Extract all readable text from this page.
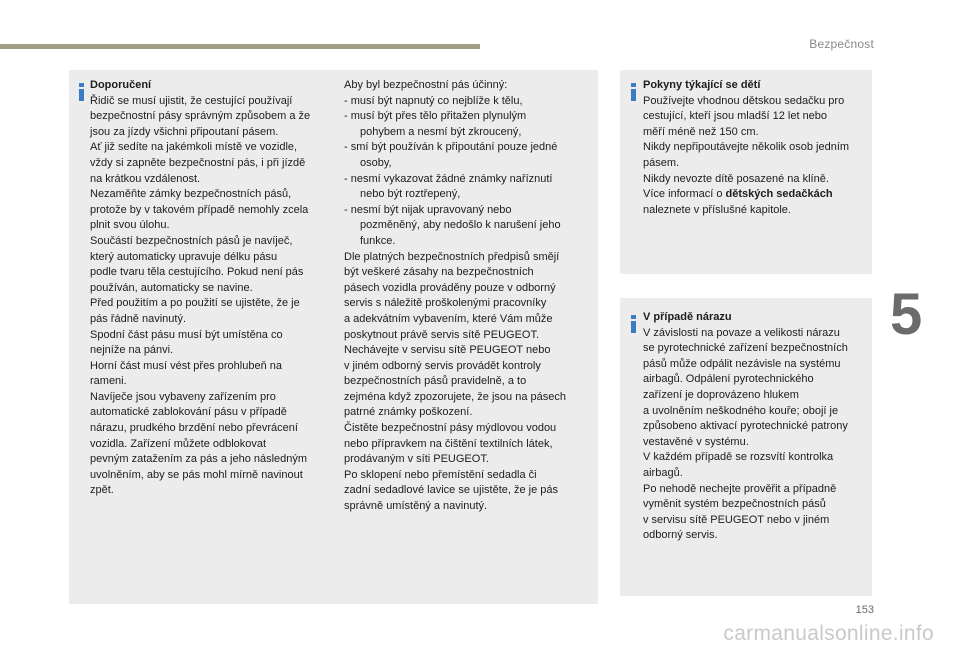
Bezpečnost
5
Doporučení
Řidič se musí ujistit, že cestující používají
bezpečnostní pásy správným způsobem a že
jsou za jízdy všichni připoutaní pásem.
Ať již sedíte na jakémkoli místě ve vozidle,
vždy si zapněte bezpečnostní pás, i při jízdě
na krátkou vzdálenost.
Nezaměňte zámky bezpečnostních pásů,
protože by v takovém případě nemohly zcela
plnit svou úlohu.
Součástí bezpečnostních pásů je navíječ,
který automaticky upravuje délku pásu
podle tvaru těla cestujícího. Pokud není pás
používán, automaticky se navine.
Před použitím a po použití se ujistěte, že je
pás řádně navinutý.
Spodní část pásu musí být umístěna co
nejníže na pánvi.
Horní část musí vést přes prohlubeň na
rameni.
Navíječe jsou vybaveny zařízením pro
automatické zablokování pásu v případě
nárazu, prudkého brzdění nebo převrácení
vozidla. Zařízení můžete odblokovat
pevným zatažením za pás a jeho následným
uvolněním, aby se pás mohl mírně navinout
zpět.
Aby byl bezpečnostní pás účinný:
- musí být napnutý co nejblíže k tělu,
- musí být přes tělo přitažen plynulým
pohybem a nesmí být zkroucený,
- smí být používán k připoutání pouze jedné
osoby,
- nesmí vykazovat žádné známky naříznutí
nebo být roztřepený,
- nesmí být nijak upravovaný nebo
pozměněný, aby nedošlo k narušení jeho
funkce.
Dle platných bezpečnostních předpisů smějí
být veškeré zásahy na bezpečnostních
pásech vozidla prováděny pouze v odborný
servis s náležitě proškolenými pracovníky
a adekvátním vybavením, které Vám může
poskytnout právě servis sítě PEUGEOT.
Nechávejte v servisu sítě PEUGEOT nebo
v jiném odborný servis provádět kontroly
bezpečnostních pásů pravidelně, a to
zejména když zpozorujete, že jsou na pásech
patrné známky poškození.
Čistěte bezpečnostní pásy mýdlovou vodou
nebo přípravkem na čištění textilních látek,
prodávaným v síti PEUGEOT.
Po sklopení nebo přemístění sedadla či
zadní sedadlové lavice se ujistěte, že je pás
správně umístěný a navinutý.
Pokyny týkající se dětí
Používejte vhodnou dětskou sedačku pro
cestující, kteří jsou mladší 12 let nebo
měří méně než 150 cm.
Nikdy nepřipoutávejte několik osob jedním
pásem.
Nikdy nevozte dítě posazené na klíně.
Více informací o dětských sedačkách
naleznete v příslušné kapitole.
V případě nárazu
V závislosti na povaze a velikosti nárazu
se pyrotechnické zařízení bezpečnostních
pásů může odpálit nezávisle na systému
airbagů. Odpálení pyrotechnického
zařízení je doprovázeno hlukem
a uvolněním neškodného kouře; obojí je
způsobeno aktivací pyrotechnické patrony
vestavěné v systému.
V každém případě se rozsvítí kontrolka
airbagů.
Po nehodě nechejte prověřit a případně
vyměnit systém bezpečnostních pásů
v servisu sítě PEUGEOT nebo v jiném
odborný servis.
153
carmanualsonline.info
